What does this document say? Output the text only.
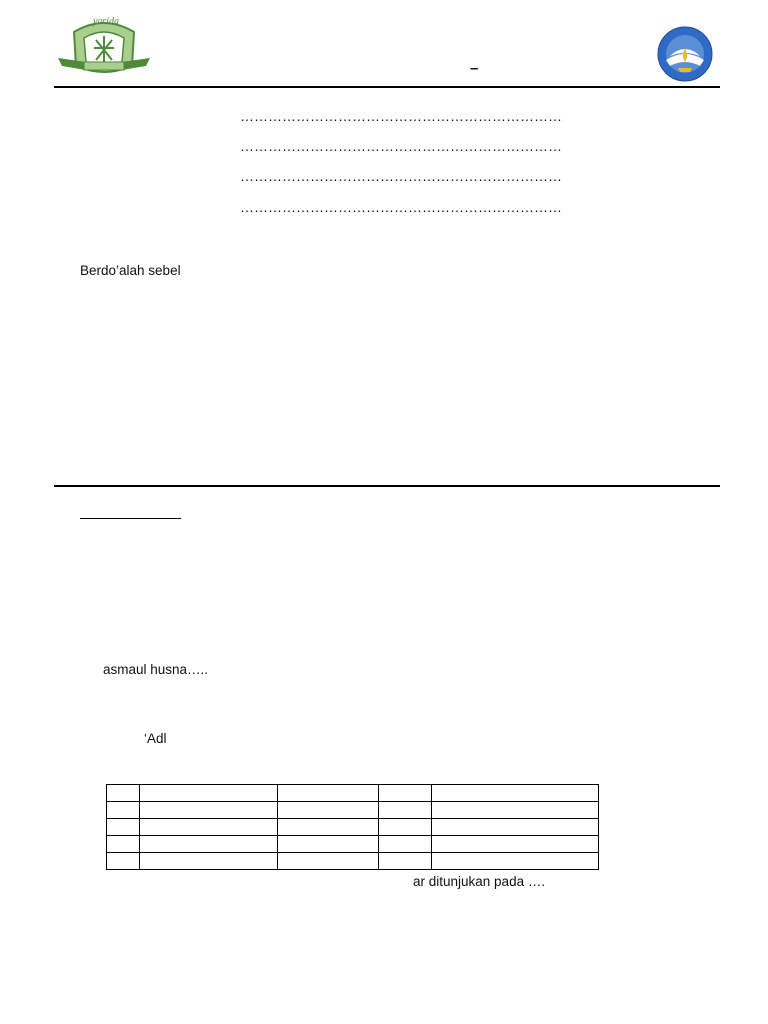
yarida
–
……………………………………………………………
……………………………………………………………
……………………………………………………………
……………………………………………………………
Berdo’alah sebel
asmaul husna…..
‘Adl

ar ditunjukan pada ….
